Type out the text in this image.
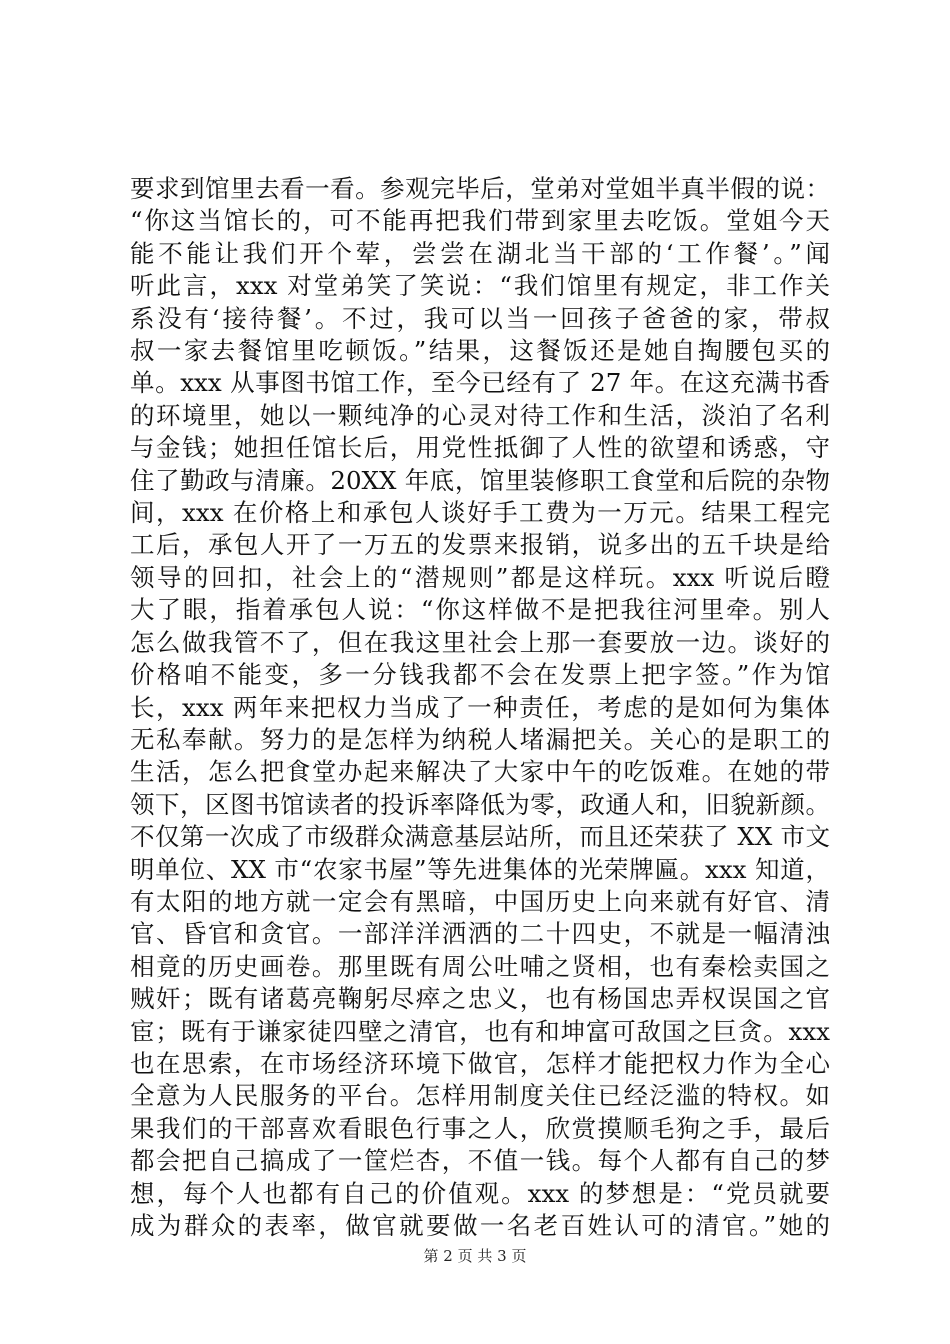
要求到馆里去看一看。参观完毕后，堂弟对堂姐半真半假的说：
“你这当馆长的，可不能再把我们带到家里去吃饭。堂姐今天
能不能让我们开个荤，尝尝在湖北当干部的‘工作餐’。”闻
听此言，xxx 对堂弟笑了笑说：“我们馆里有规定，非工作关
系没有‘接待餐’。不过，我可以当一回孩子爸爸的家，带叔
叔一家去餐馆里吃顿饭。”结果，这餐饭还是她自掏腰包买的
单。xxx 从事图书馆工作，至今已经有了 27 年。在这充满书香
的环境里，她以一颗纯净的心灵对待工作和生活，淡泊了名利
与金钱；她担任馆长后，用党性抵御了人性的欲望和诱惑，守
住了勤政与清廉。20XX 年底，馆里装修职工食堂和后院的杂物
间，xxx 在价格上和承包人谈好手工费为一万元。结果工程完
工后，承包人开了一万五的发票来报销，说多出的五千块是给
领导的回扣，社会上的“潜规则”都是这样玩。xxx 听说后瞪
大了眼，指着承包人说：“你这样做不是把我往河里牵。别人
怎么做我管不了，但在我这里社会上那一套要放一边。谈好的
价格咱不能变，多一分钱我都不会在发票上把字签。”作为馆
长，xxx 两年来把权力当成了一种责任，考虑的是如何为集体
无私奉献。努力的是怎样为纳税人堵漏把关。关心的是职工的
生活，怎么把食堂办起来解决了大家中午的吃饭难。在她的带
领下，区图书馆读者的投诉率降低为零，政通人和，旧貌新颜。
不仅第一次成了市级群众满意基层站所，而且还荣获了 XX 市文
明单位、XX 市“农家书屋”等先进集体的光荣牌匾。xxx 知道，
有太阳的地方就一定会有黑暗，中国历史上向来就有好官、清
官、昏官和贪官。一部洋洋洒洒的二十四史，不就是一幅清浊
相竟的历史画卷。那里既有周公吐哺之贤相，也有秦桧卖国之
贼奸；既有诸葛亮鞠躬尽瘁之忠义，也有杨国忠弄权误国之官
宦；既有于谦家徒四壁之清官，也有和坤富可敌国之巨贪。xxx
也在思索，在市场经济环境下做官，怎样才能把权力作为全心
全意为人民服务的平台。怎样用制度关住已经泛滥的特权。如
果我们的干部喜欢看眼色行事之人，欣赏摸顺毛狗之手，最后
都会把自己搞成了一筐烂杏，不值一钱。每个人都有自己的梦
想，每个人也都有自己的价值观。xxx 的梦想是：“党员就要
成为群众的表率，做官就要做一名老百姓认可的清官。”她的
第 2 页 共 3 页
